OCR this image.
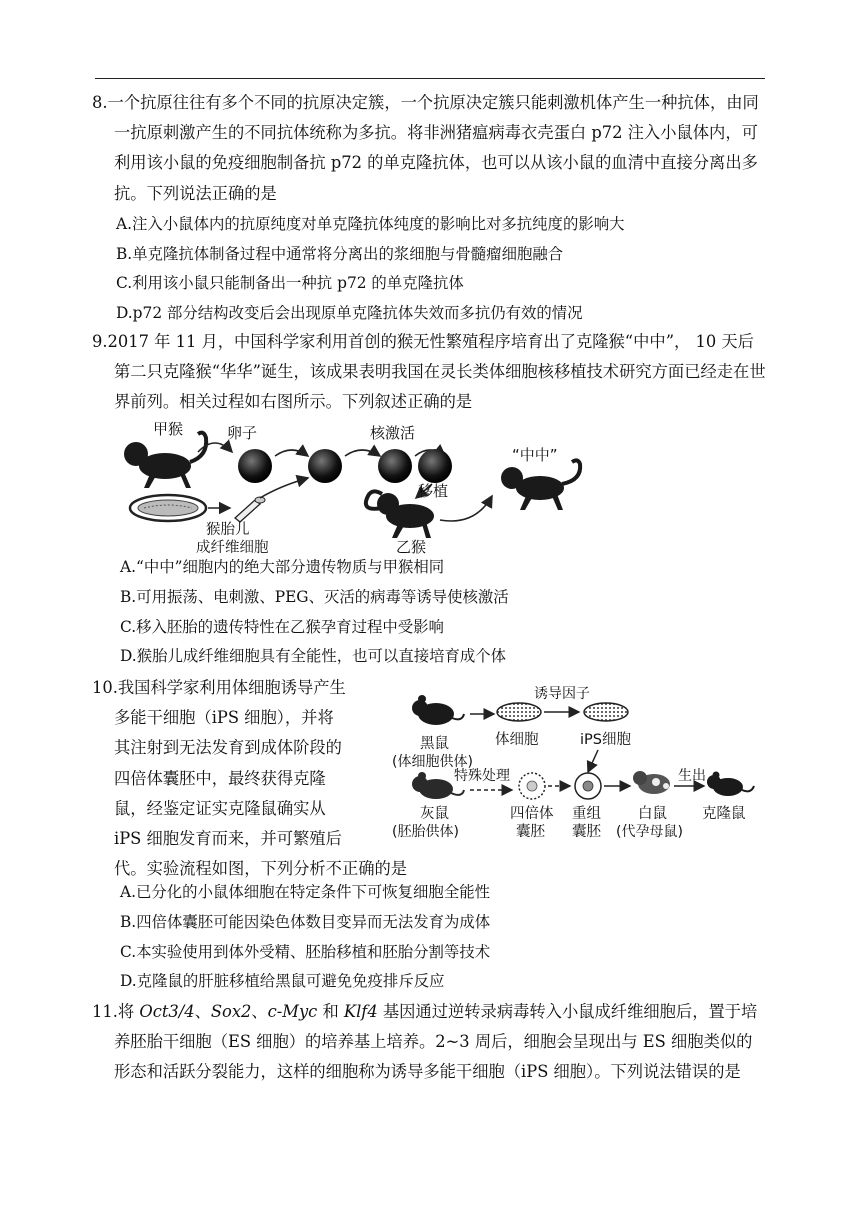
8.一个抗原往往有多个不同的抗原决定簇，一个抗原决定簇只能刺激机体产生一种抗体，由同一抗原刺激产生的不同抗体统称为多抗。将非洲猪瘟病毒衣壳蛋白 p72 注入小鼠体内，可利用该小鼠的免疫细胞制备抗 p72 的单克隆抗体，也可以从该小鼠的血清中直接分离出多抗。下列说法正确的是

A.注入小鼠体内的抗原纯度对单克隆抗体纯度的影响比对多抗纯度的影响大

B.单克隆抗体制备过程中通常将分离出的浆细胞与骨髓瘤细胞融合

C.利用该小鼠只能制备出一种抗 p72 的单克隆抗体

D.p72 部分结构改变后会出现原单克隆抗体失效而多抗仍有效的情况

9.2017 年 11 月，中国科学家利用首创的猴无性繁殖程序培育出了克隆猴“中中”， 10 天后第二只克隆猴“华华”诞生，该成果表明我国在灵长类体细胞核移植技术研究方面已经走在世界前列。相关过程如右图所示。下列叙述正确的是

甲猴	卵子	核激活
猴胎儿
成纤维细胞
移植
乙猴
“中中”

A.“中中”细胞内的绝大部分遗传物质与甲猴相同

B.可用振荡、电刺激、PEG、灭活的病毒等诱导使核激活

C.移入胚胎的遗传特性在乙猴孕育过程中受影响

D.猴胎儿成纤维细胞具有全能性，也可以直接培育成个体

10.我国科学家利用体细胞诱导产生
多能干细胞（iPS 细胞），并将
其注射到无法发育到成体阶段的
四倍体囊胚中，最终获得克隆
鼠，经鉴定证实克隆鼠确实从
iPS 细胞发育而来，并可繁殖后
代。实验流程如图，下列分析不正确的是
黑鼠
(体细胞供体)
体细胞
诱导因子
iPS细胞
灰鼠
(胚胎供体)
特殊处理
四倍体
囊胚
重组
囊胚
白鼠
(代孕母鼠)
生出
克隆鼠

A.已分化的小鼠体细胞在特定条件下可恢复细胞全能性

B.四倍体囊胚可能因染色体数目变异而无法发育为成体

C.本实验使用到体外受精、胚胎移植和胚胎分割等技术

D.克隆鼠的肝脏移植给黑鼠可避免免疫排斥反应

11.将 Oct3/4、Sox2、c-Myc 和 Klf4 基因通过逆转录病毒转入小鼠成纤维细胞后，置于培养胚胎干细胞（ES 细胞）的培养基上培养。2~3 周后，细胞会呈现出与 ES 细胞类似的形态和活跃分裂能力，这样的细胞称为诱导多能干细胞（iPS 细胞）。下列说法错误的是
